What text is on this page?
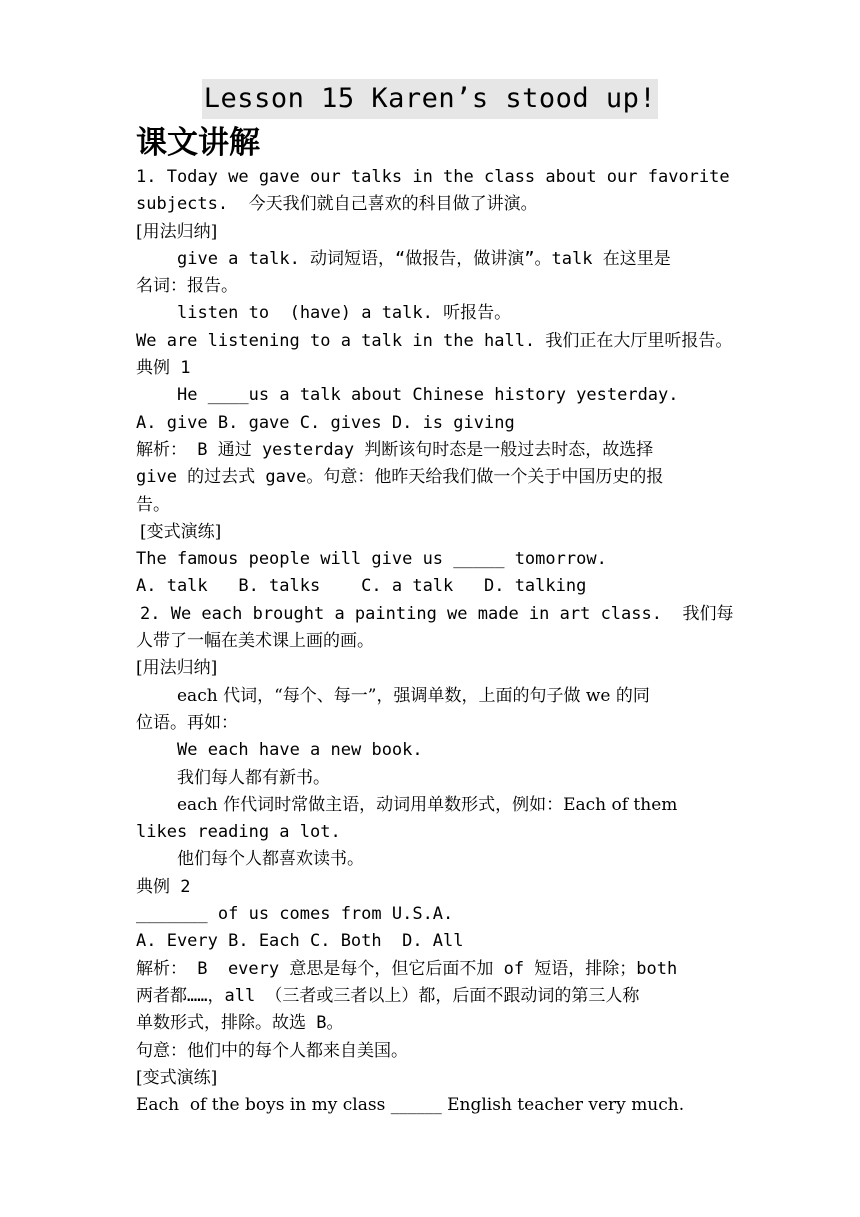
Lesson 15 Karen’s stood up!
课文讲解
1. Today we gave our talks in the class about our favorite
subjects.  今天我们就自己喜欢的科目做了讲演。
[用法归纳]
give a talk. 动词短语，“做报告，做讲演”。talk 在这里是
名词：报告。
listen to  (have) a talk. 听报告。
We are listening to a talk in the hall. 我们正在大厅里听报告。
典例 1
He ____us a talk about Chinese history yesterday.
A. give B. gave C. gives D. is giving
解析： B 通过 yesterday 判断该句时态是一般过去时态，故选择
give 的过去式 gave。句意：他昨天给我们做一个关于中国历史的报
告。
[变式演练]
The famous people will give us _____ tomorrow.
A. talk   B. talks    C. a talk   D. talking
2. We each brought a painting we made in art class.  我们每
人带了一幅在美术课上画的画。
[用法归纳]
each 代词，“每个、每一”，强调单数，上面的句子做 we 的同
位语。再如：
We each have a new book.
我们每人都有新书。
each 作代词时常做主语，动词用单数形式，例如：Each of them
likes reading a lot.
他们每个人都喜欢读书。
典例 2
_______ of us comes from U.S.A.
A. Every B. Each C. Both  D. All
解析： B  every 意思是每个，但它后面不加 of 短语，排除；both
两者都……，all （三者或三者以上）都，后面不跟动词的第三人称
单数形式，排除。故选 B。
句意：他们中的每个人都来自美国。
[变式演练]
Each  of the boys in my class ______ English teacher very much.
